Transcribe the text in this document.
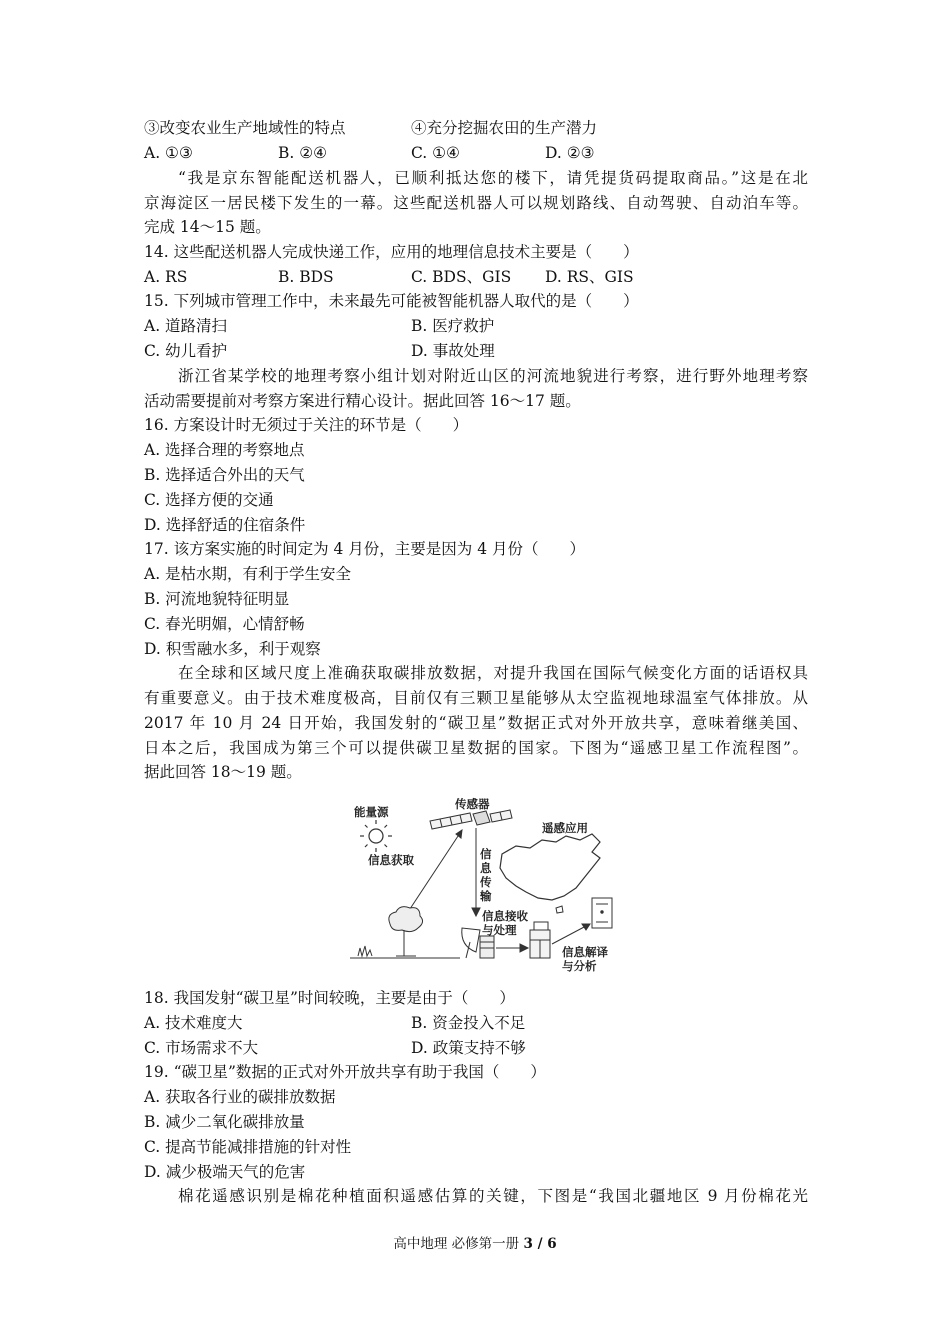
③改变农业生产地域性的特点	④充分挖掘农田的生产潜力
A. ①③	B. ②④	C. ①④	D. ②③
“我是京东智能配送机器人，已顺利抵达您的楼下，请凭提货码提取商品。”这是在北
京海淀区一居民楼下发生的一幕。这些配送机器人可以规划路线、自动驾驶、自动泊车等。
完成 14～15 题。
14. 这些配送机器人完成快递工作，应用的地理信息技术主要是（　　）
A. RS	B. BDS	C. BDS、GIS D. RS、GIS
15. 下列城市管理工作中，未来最先可能被智能机器人取代的是（　　）
A. 道路清扫	B. 医疗救护
C. 幼儿看护	D. 事故处理
浙江省某学校的地理考察小组计划对附近山区的河流地貌进行考察，进行野外地理考察
活动需要提前对考察方案进行精心设计。据此回答 16～17 题。
16. 方案设计时无须过于关注的环节是（　　）
A. 选择合理的考察地点
B. 选择适合外出的天气
C. 选择方便的交通
D. 选择舒适的住宿条件
17. 该方案实施的时间定为 4 月份，主要是因为 4 月份（　　）
A. 是枯水期，有利于学生安全
B. 河流地貌特征明显
C. 春光明媚，心情舒畅
D. 积雪融水多，利于观察
在全球和区域尺度上准确获取碳排放数据，对提升我国在国际气候变化方面的话语权具
有重要意义。由于技术难度极高，目前仅有三颗卫星能够从太空监视地球温室气体排放。从
2017 年 10 月 24 日开始，我国发射的“碳卫星”数据正式对外开放共享，意味着继美国、
日本之后，我国成为第三个可以提供碳卫星数据的国家。下图为“遥感卫星工作流程图”。
据此回答 18～19 题。
能量源
传感器
信息获取	信
息
传
输
遥感应用
信息接收
与处理
信息解译
与分析
18. 我国发射“碳卫星”时间较晚，主要是由于（　　）
A. 技术难度大	B. 资金投入不足
C. 市场需求不大	D. 政策支持不够
19. “碳卫星”数据的正式对外开放共享有助于我国（　　）
A. 获取各行业的碳排放数据
B. 减少二氧化碳排放量
C. 提高节能减排措施的针对性
D. 减少极端天气的危害
棉花遥感识别是棉花种植面积遥感估算的关键，下图是“我国北疆地区 9 月份棉花光
高中地理 必修第一册 3 / 6
